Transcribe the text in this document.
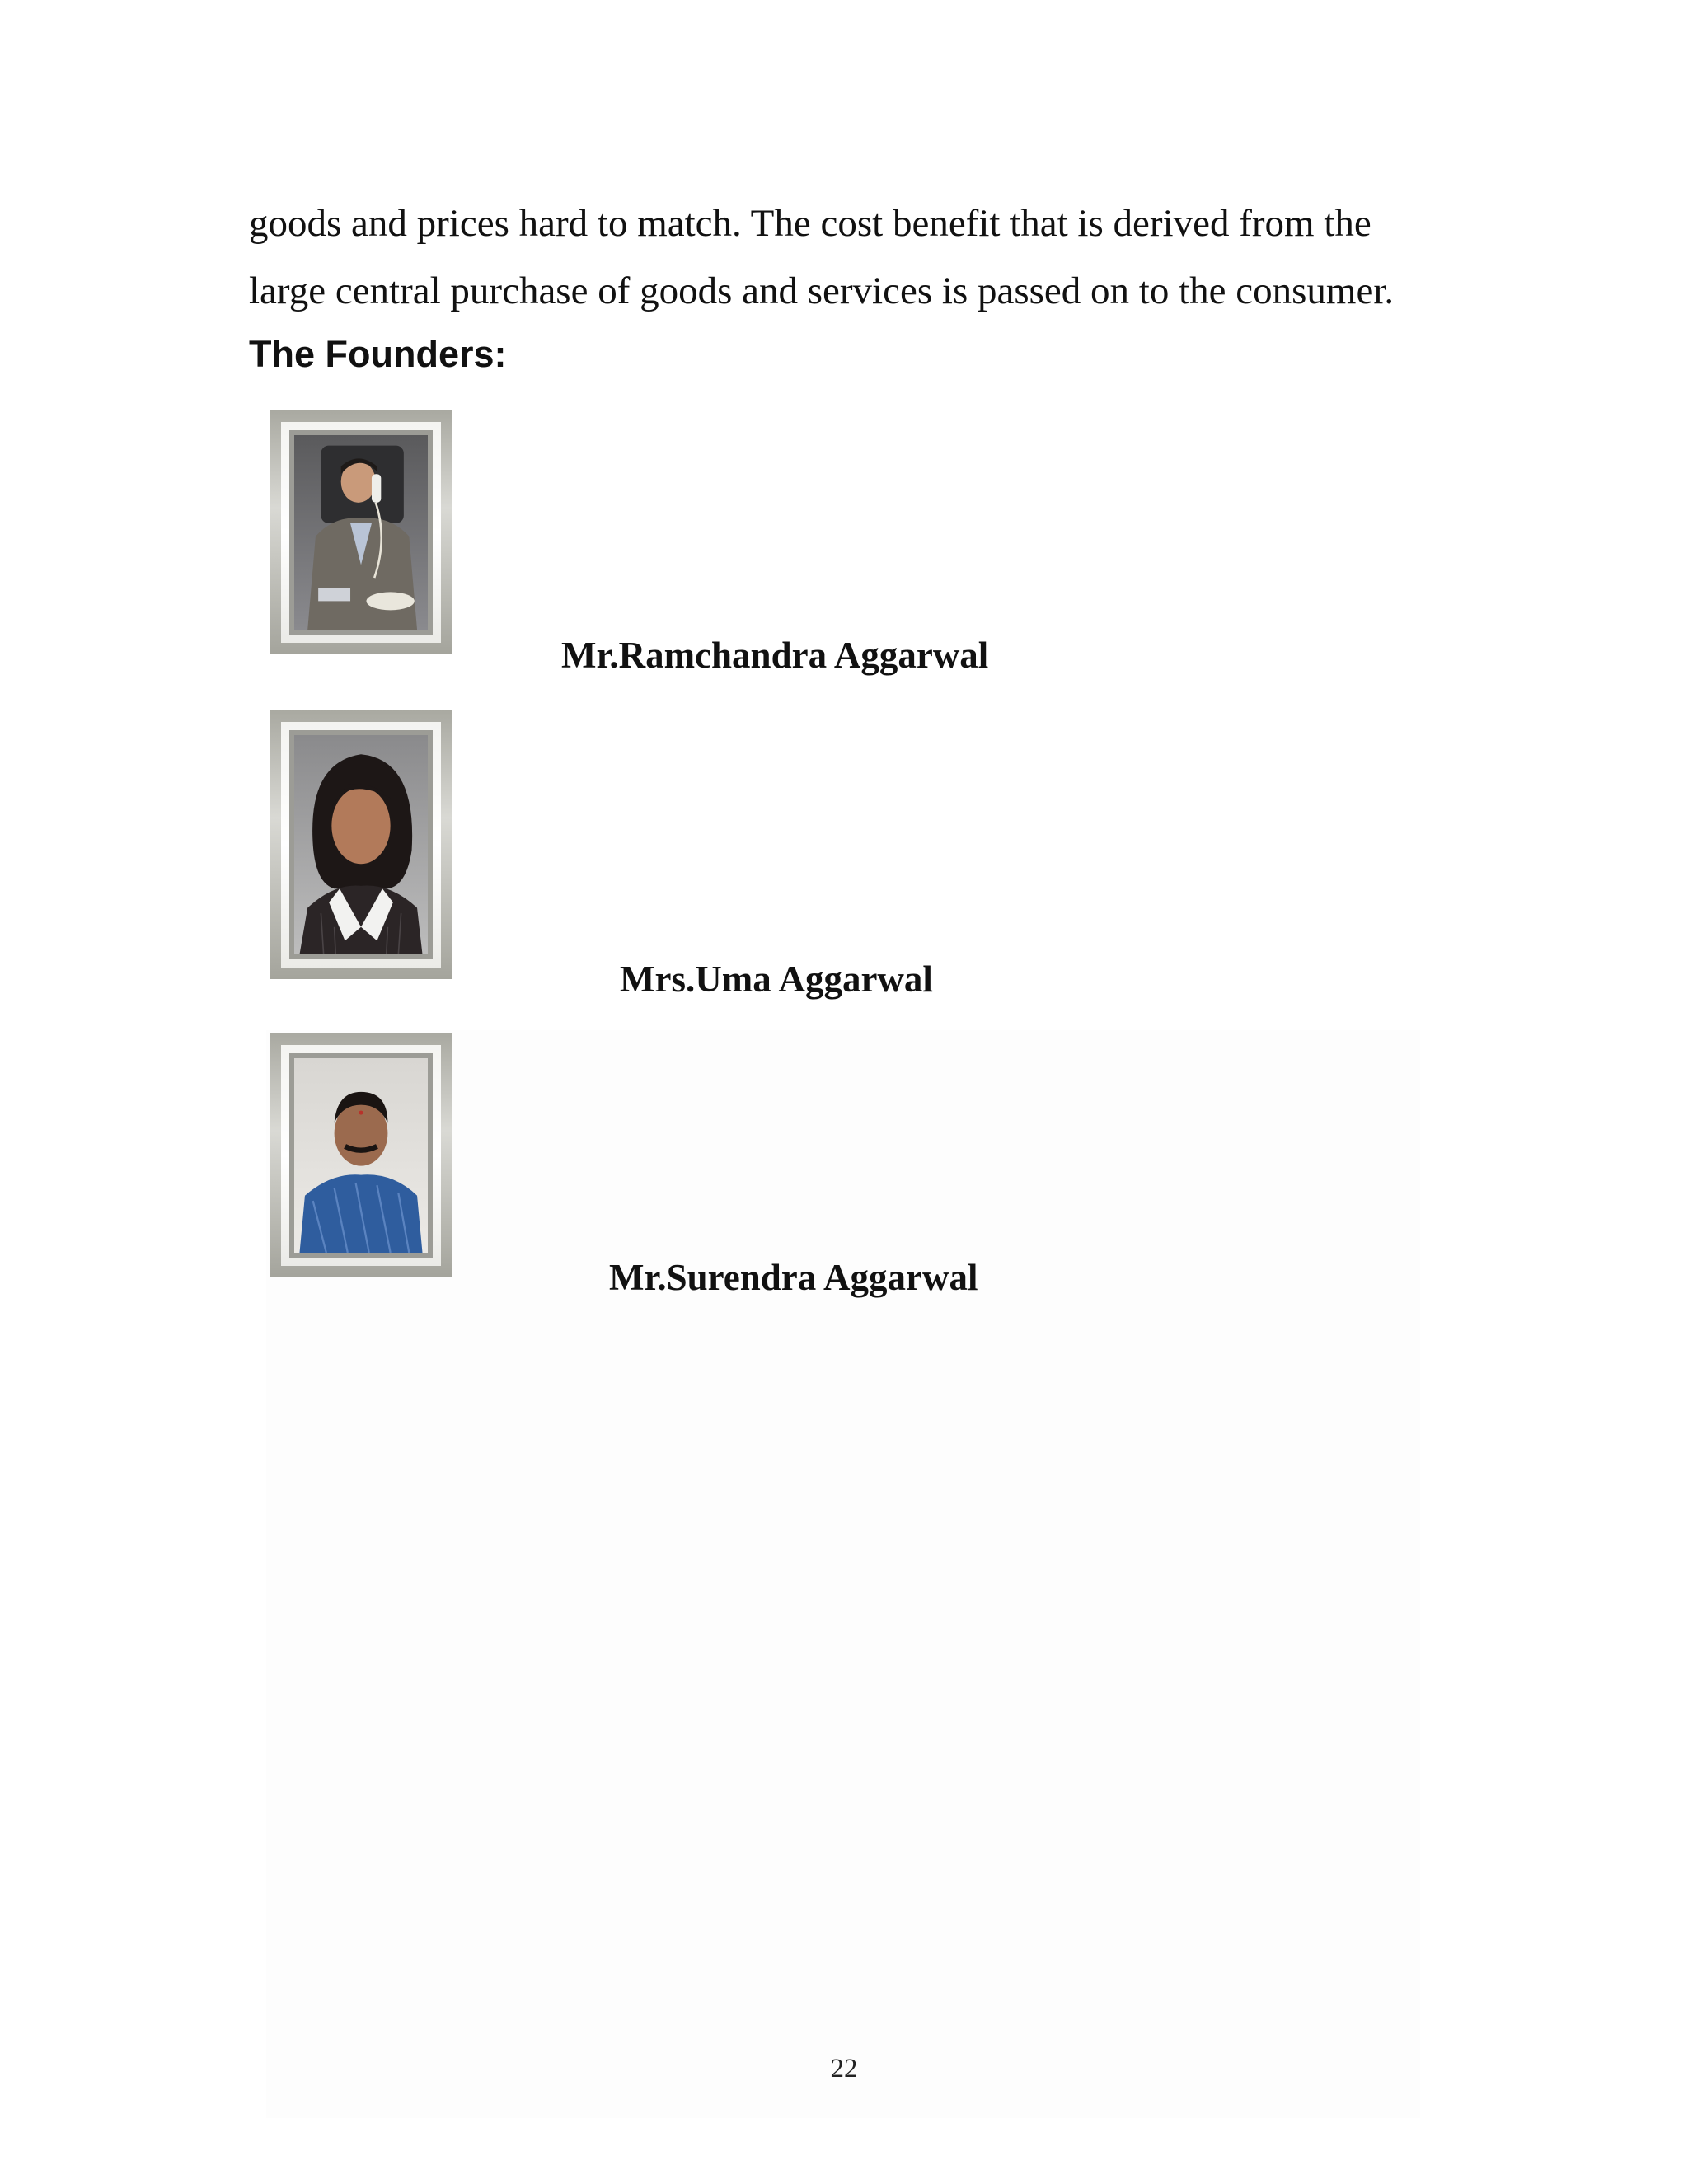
goods and prices hard to match. The cost benefit that is derived from the
large central purchase of goods and services is passed on to the consumer.
The Founders:
Mr.Ramchandra Aggarwal
Mrs.Uma Aggarwal
Mr.Surendra Aggarwal
22
